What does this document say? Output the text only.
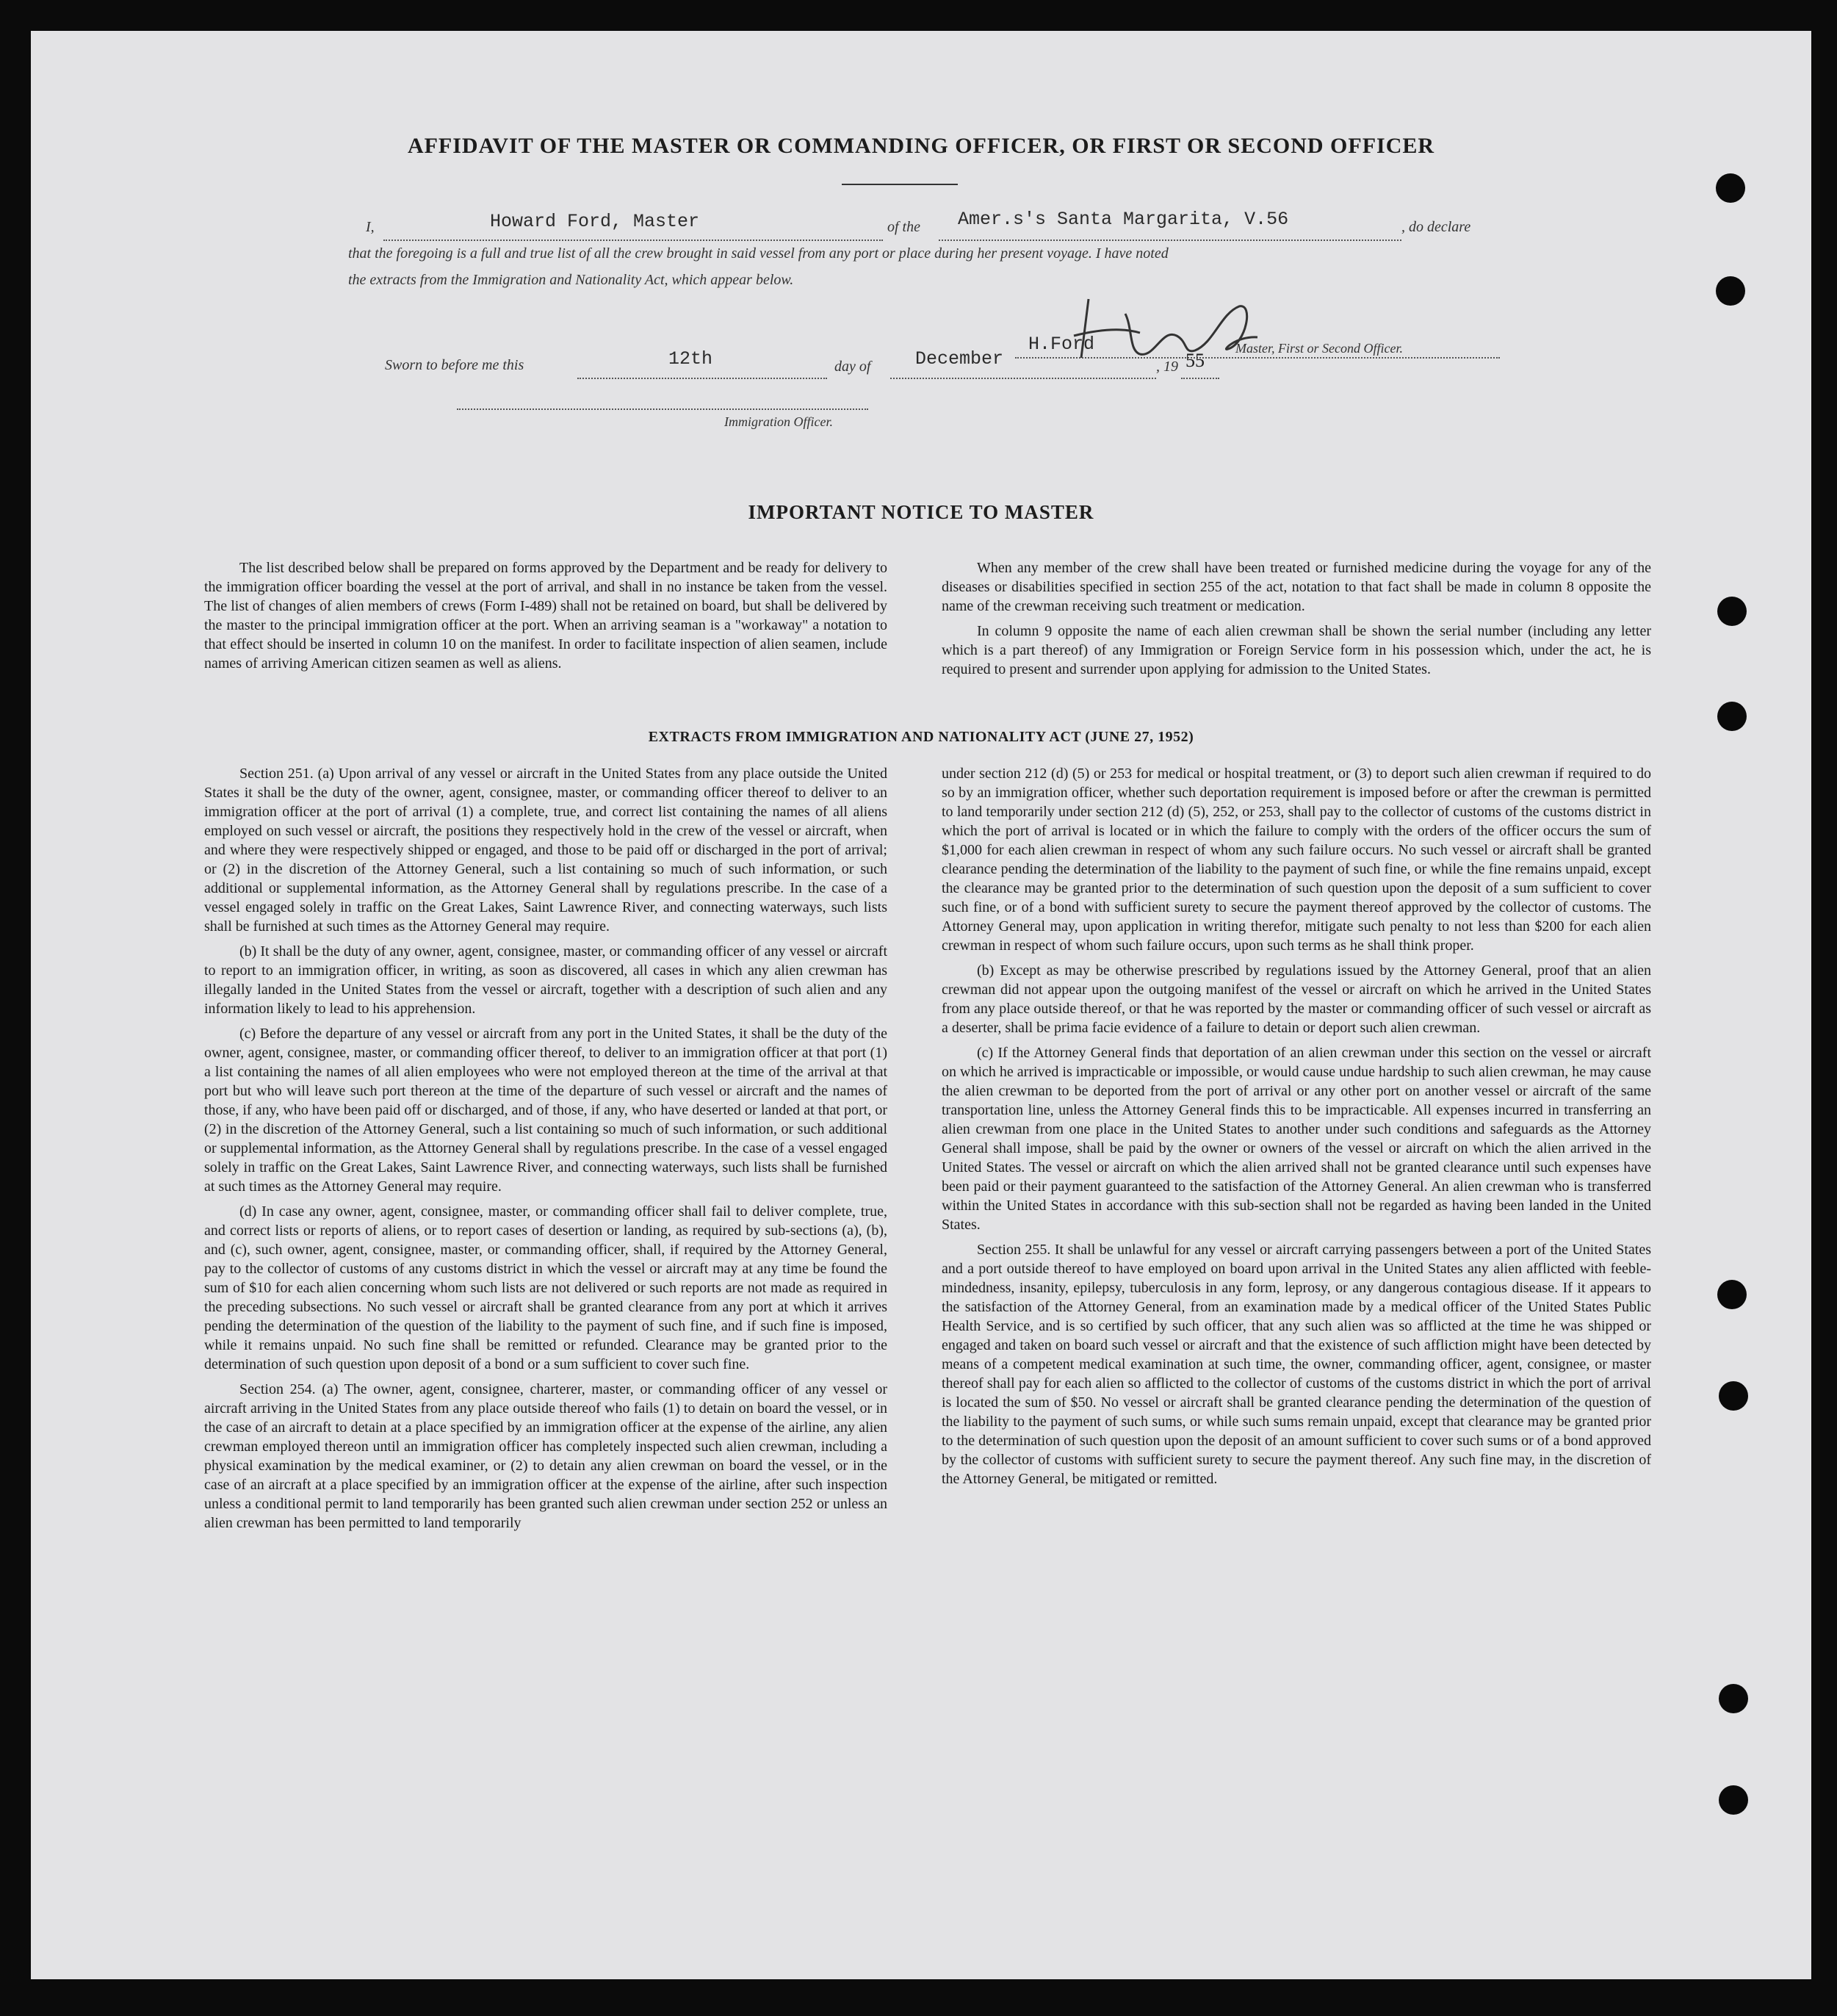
AFFIDAVIT OF THE MASTER OR COMMANDING OFFICER, OR FIRST OR SECOND OFFICER
I,	Howard Ford, Master	of the Amer.s's Santa Margarita, V.56	, do declare
that the foregoing is a full and true list of all the crew brought in said vessel from any port or place during her present voyage. I have noted
the extracts from the Immigration and Nationality Act, which appear below.
H.Ford	Master, First or Second Officer.
Sworn to before me this	12th	day of December	, 19 55
Immigration Officer.
IMPORTANT NOTICE TO MASTER

The list described below shall be prepared on forms approved by the Department and be ready for delivery to the immigration officer boarding the vessel at the port of arrival, and shall in no instance be taken from the vessel. The list of changes of alien members of crews (Form I-489) shall not be retained on board, but shall be delivered by the master to the principal immigration officer at the port. When an arriving seaman is a "workaway" a notation to that effect should be inserted in column 10 on the manifest. In order to facilitate inspection of alien seamen, include names of arriving American citizen seamen as well as aliens.

When any member of the crew shall have been treated or furnished medicine during the voyage for any of the diseases or disabilities specified in section 255 of the act, notation to that fact shall be made in column 8 opposite the name of the crewman receiving such treatment or medication.

In column 9 opposite the name of each alien crewman shall be shown the serial number (including any letter which is a part thereof) of any Immigration or Foreign Service form in his possession which, under the act, he is required to present and surrender upon applying for admission to the United States.

EXTRACTS FROM IMMIGRATION AND NATIONALITY ACT (JUNE 27, 1952)

Section 251. (a) Upon arrival of any vessel or aircraft in the United States from any place outside the United States it shall be the duty of the owner, agent, consignee, master, or commanding officer thereof to deliver to an immigration officer at the port of arrival (1) a complete, true, and correct list containing the names of all aliens employed on such vessel or aircraft, the positions they respectively hold in the crew of the vessel or aircraft, when and where they were respectively shipped or engaged, and those to be paid off or discharged in the port of arrival; or (2) in the discretion of the Attorney General, such a list containing so much of such information, or such additional or supplemental information, as the Attorney General shall by regulations prescribe. In the case of a vessel engaged solely in traffic on the Great Lakes, Saint Lawrence River, and connecting waterways, such lists shall be furnished at such times as the Attorney General may require.

(b) It shall be the duty of any owner, agent, consignee, master, or commanding officer of any vessel or aircraft to report to an immigration officer, in writing, as soon as discovered, all cases in which any alien crewman has illegally landed in the United States from the vessel or aircraft, together with a description of such alien and any information likely to lead to his apprehension.

(c) Before the departure of any vessel or aircraft from any port in the United States, it shall be the duty of the owner, agent, consignee, master, or commanding officer thereof, to deliver to an immigration officer at that port (1) a list containing the names of all alien employees who were not employed thereon at the time of the arrival at that port but who will leave such port thereon at the time of the departure of such vessel or aircraft and the names of those, if any, who have been paid off or discharged, and of those, if any, who have deserted or landed at that port, or (2) in the discretion of the Attorney General, such a list containing so much of such information, or such additional or supplemental information, as the Attorney General shall by regulations prescribe. In the case of a vessel engaged solely in traffic on the Great Lakes, Saint Lawrence River, and connecting waterways, such lists shall be furnished at such times as the Attorney General may require.

(d) In case any owner, agent, consignee, master, or commanding officer shall fail to deliver complete, true, and correct lists or reports of aliens, or to report cases of desertion or landing, as required by sub-sections (a), (b), and (c), such owner, agent, consignee, master, or commanding officer, shall, if required by the Attorney General, pay to the collector of customs of any customs district in which the vessel or aircraft may at any time be found the sum of $10 for each alien concerning whom such lists are not delivered or such reports are not made as required in the preceding subsections. No such vessel or aircraft shall be granted clearance from any port at which it arrives pending the determination of the question of the liability to the payment of such fine, and if such fine is imposed, while it remains unpaid. No such fine shall be remitted or refunded. Clearance may be granted prior to the determination of such question upon deposit of a bond or a sum sufficient to cover such fine.

Section 254. (a) The owner, agent, consignee, charterer, master, or commanding officer of any vessel or aircraft arriving in the United States from any place outside thereof who fails (1) to detain on board the vessel, or in the case of an aircraft to detain at a place specified by an immigration officer at the expense of the airline, any alien crewman employed thereon until an immigration officer has completely inspected such alien crewman, including a physical examination by the medical examiner, or (2) to detain any alien crewman on board the vessel, or in the case of an aircraft at a place specified by an immigration officer at the expense of the airline, after such inspection unless a conditional permit to land temporarily has been granted such alien crewman under section 252 or unless an alien crewman has been permitted to land temporarily

under section 212 (d) (5) or 253 for medical or hospital treatment, or (3) to deport such alien crewman if required to do so by an immigration officer, whether such deportation requirement is imposed before or after the crewman is permitted to land temporarily under section 212 (d) (5), 252, or 253, shall pay to the collector of customs of the customs district in which the port of arrival is located or in which the failure to comply with the orders of the officer occurs the sum of $1,000 for each alien crewman in respect of whom any such failure occurs. No such vessel or aircraft shall be granted clearance pending the determination of the liability to the payment of such fine, or while the fine remains unpaid, except the clearance may be granted prior to the determination of such question upon the deposit of a sum sufficient to cover such fine, or of a bond with sufficient surety to secure the payment thereof approved by the collector of customs. The Attorney General may, upon application in writing therefor, mitigate such penalty to not less than $200 for each alien crewman in respect of whom such failure occurs, upon such terms as he shall think proper.

(b) Except as may be otherwise prescribed by regulations issued by the Attorney General, proof that an alien crewman did not appear upon the outgoing manifest of the vessel or aircraft on which he arrived in the United States from any place outside thereof, or that he was reported by the master or commanding officer of such vessel or aircraft as a deserter, shall be prima facie evidence of a failure to detain or deport such alien crewman.

(c) If the Attorney General finds that deportation of an alien crewman under this section on the vessel or aircraft on which he arrived is impracticable or impossible, or would cause undue hardship to such alien crewman, he may cause the alien crewman to be deported from the port of arrival or any other port on another vessel or aircraft of the same transportation line, unless the Attorney General finds this to be impracticable. All expenses incurred in transferring an alien crewman from one place in the United States to another under such conditions and safeguards as the Attorney General shall impose, shall be paid by the owner or owners of the vessel or aircraft on which the alien arrived in the United States. The vessel or aircraft on which the alien arrived shall not be granted clearance until such expenses have been paid or their payment guaranteed to the satisfaction of the Attorney General. An alien crewman who is transferred within the United States in accordance with this sub-section shall not be regarded as having been landed in the United States.

Section 255. It shall be unlawful for any vessel or aircraft carrying passengers between a port of the United States and a port outside thereof to have employed on board upon arrival in the United States any alien afflicted with feeble-mindedness, insanity, epilepsy, tuberculosis in any form, leprosy, or any dangerous contagious disease. If it appears to the satisfaction of the Attorney General, from an examination made by a medical officer of the United States Public Health Service, and is so certified by such officer, that any such alien was so afflicted at the time he was shipped or engaged and taken on board such vessel or aircraft and that the existence of such affliction might have been detected by means of a competent medical examination at such time, the owner, commanding officer, agent, consignee, or master thereof shall pay for each alien so afflicted to the collector of customs of the customs district in which the port of arrival is located the sum of $50. No vessel or aircraft shall be granted clearance pending the determination of the question of the liability to the payment of such sums, or while such sums remain unpaid, except that clearance may be granted prior to the determination of such question upon the deposit of an amount sufficient to cover such sums or of a bond approved by the collector of customs with sufficient surety to secure the payment thereof. Any such fine may, in the discretion of the Attorney General, be mitigated or remitted.
